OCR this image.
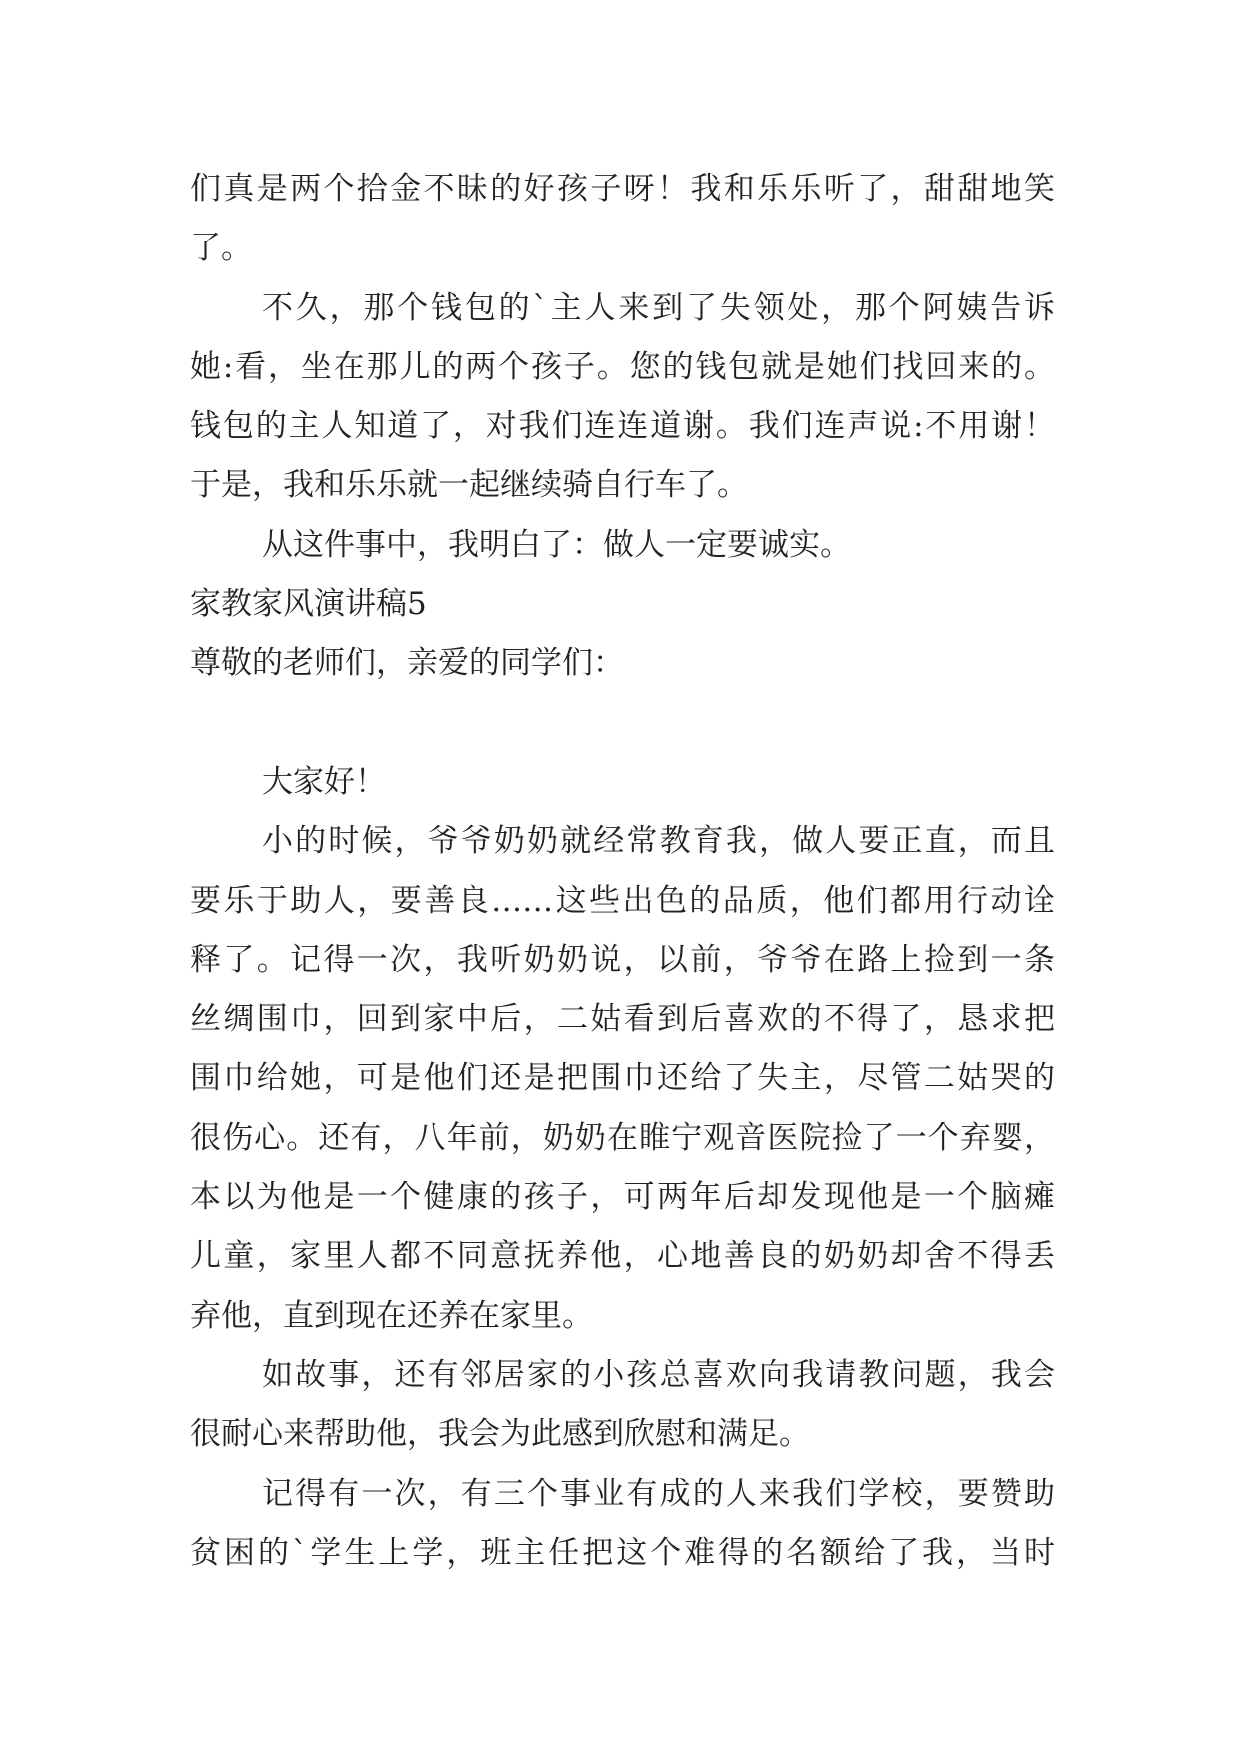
们真是两个拾金不昧的好孩子呀！我和乐乐听了，甜甜地笑
了。
不久，那个钱包的`主人来到了失领处，那个阿姨告诉
她:看，坐在那儿的两个孩子。您的钱包就是她们找回来的。
钱包的主人知道了，对我们连连道谢。我们连声说:不用谢！
于是，我和乐乐就一起继续骑自行车了。
从这件事中，我明白了：做人一定要诚实。
家教家风演讲稿5
尊敬的老师们，亲爱的同学们：
大家好！
小的时候，爷爷奶奶就经常教育我，做人要正直，而且
要乐于助人，要善良……这些出色的品质，他们都用行动诠
释了。记得一次，我听奶奶说，以前，爷爷在路上捡到一条
丝绸围巾，回到家中后，二姑看到后喜欢的不得了，恳求把
围巾给她，可是他们还是把围巾还给了失主，尽管二姑哭的
很伤心。还有，八年前，奶奶在睢宁观音医院捡了一个弃婴，
本以为他是一个健康的孩子，可两年后却发现他是一个脑瘫
儿童，家里人都不同意抚养他，心地善良的奶奶却舍不得丢
弃他，直到现在还养在家里。
如故事，还有邻居家的小孩总喜欢向我请教问题，我会
很耐心来帮助他，我会为此感到欣慰和满足。
记得有一次，有三个事业有成的人来我们学校，要赞助
贫困的`学生上学，班主任把这个难得的名额给了我，当时
